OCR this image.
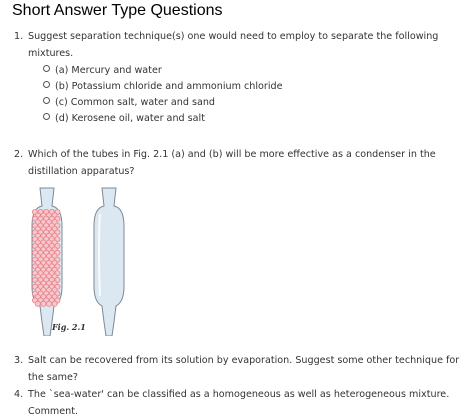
Short Answer Type Questions
1. Suggest separation technique(s) one would need to employ to separate the following
mixtures.
(a) Mercury and water
(b) Potassium chloride and ammonium chloride
(c) Common salt, water and sand
(d) Kerosene oil, water and salt
2. Which of the tubes in Fig. 2.1 (a) and (b) will be more effective as a condenser in the
distillation apparatus?
Fig. 2.1
3. Salt can be recovered from its solution by evaporation. Suggest some other technique for
the same?
4. The `sea-water' can be classified as a homogeneous as well as heterogeneous mixture.
Comment.
